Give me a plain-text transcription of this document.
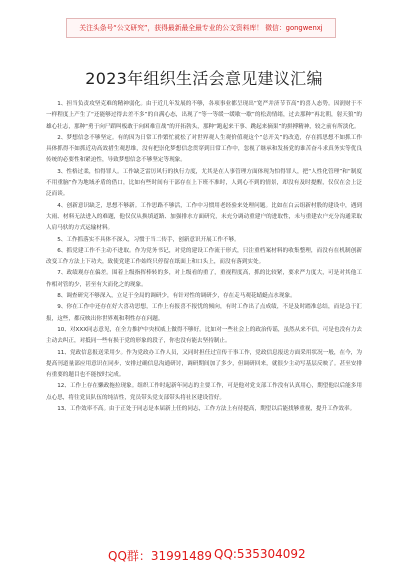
关注头条号“公文研究”，获得最新最全最专业的公文资料库！ 微信：gongwenxj
2023年组织生活会意见建议汇编

1、担当负责攻坚克难的精神弱化。由于近几年发展的不够，各项事业都呈现出“宽严并济节节高”的喜人态势。因润财于不一样程度上产生了“还能够过得去差不多”的自满心态，出现了“等一等缓一缓歇一歇”的松劲情绪，过去那种“再北朝，射天狼”的雄心壮志，那种“勇于向尸蹈叫板敢于向困难宣战”的开拓勃头，那种“跑起来干事、跳起来摘果”的拼搏精神，较之前有所淡化。

2、梦想信念不够坚定。有的因为日常工作繁忙就松了对世界观人生观价值观这个“总开关”的改造，存在抓思想不如抓工作具体抓得不如抓近功高效措生观思维，没有把崇化梦想信念贯穿到日常工作中，忽视了继承和发扬党的谁苦奋斗求真务实等优良传统的必要性和紧迫性，导致梦想信念不够坚定等现象。

3、性格过柔，怕得罪人。工作缺乏雷厉风行的执行力度，尤其是在人事管理方面体现为怕得罪人，把“人性化管理”和“制度不用重脑”作为地域矛盾的借口，比如有些时间有干部存在上下班不准时，人到心不到的情景，却没有及时提醒，仅仅在会上泛泛而谈。

4、创新意识缺乏，思想不够新。工作思路不够活，工作中习惯用老经验来处理问题。比如在白云组新村股的建设中，遇到大雨、材料无法进入的难题，他仅仅从换填道路、加强排水方面研究，未充分调动重建户的进取性，未与重建农户充分沟通采取人肩马驮的方式运输材料。

5、工作抓落实不具体不深入，习惯于当二传手，创新意识开展工作不够。

6、抓党建工作不主动不进取。作为党务书记，对党的建设工作流于形式，只注重档案材料的收集整理，而没有在机制创新改变工作方法上下功夫，致使党建工作始终只停留在纸面上和口头上，而没有落到实处。

7、政绩观存在偏差。围着上级指挥棒转的多，对上级看的重了，重视程度高，抓的比较紧，要求严力度大，可是对其他工作相对管的少，甚至有大而化之的现象。

8、调查研究不够深入，立足于全局的调研少，有针对性的调研少，存在走马观花蜻蜓点水现象。

9、你在工作中还存在好大喜功思想，工作上有报喜不报忧的倾向，有时工作出了点成绩，不是及时踏准总结，而是急于汇报，这些，都反映出你世界观和利性存在问题。

10、对XXX同志意见，在全力推护中央权威上做得不够好。比如对一些社会上的政治传谣，虽然从来不信，可是也没有力去主动去纠正，对抵同一些有损于党的形象的段子，你也没有能去坚持制止。

11、党政信息报送采用少。作为党政办工作人员，又同时担任过宣传干事工作，党政信息报送方面采用状况一般，在今，为提高刊道量部应用意识在同步，安排过确信息沟通研讨，调研期间加了多少，但调研回来，就很少主动写基层反映了。甚至安排有重要的题目也不能按时完成。

12、工作上存在懒政拖拉现象。组织工作时起新年同志的主要工作，可是他对党支部工作没有认真用心，期望他以后能多用点心思，将往党员队伍的纯洁性，党员带头党支部带头将社区建设管好。

13、工作效率不高。由于正处于同志是本届新上任的同志，工作方法上有待提高，期望以后能找够重视，提升工作效率。

QQ群：31991489 QQ:535304092
